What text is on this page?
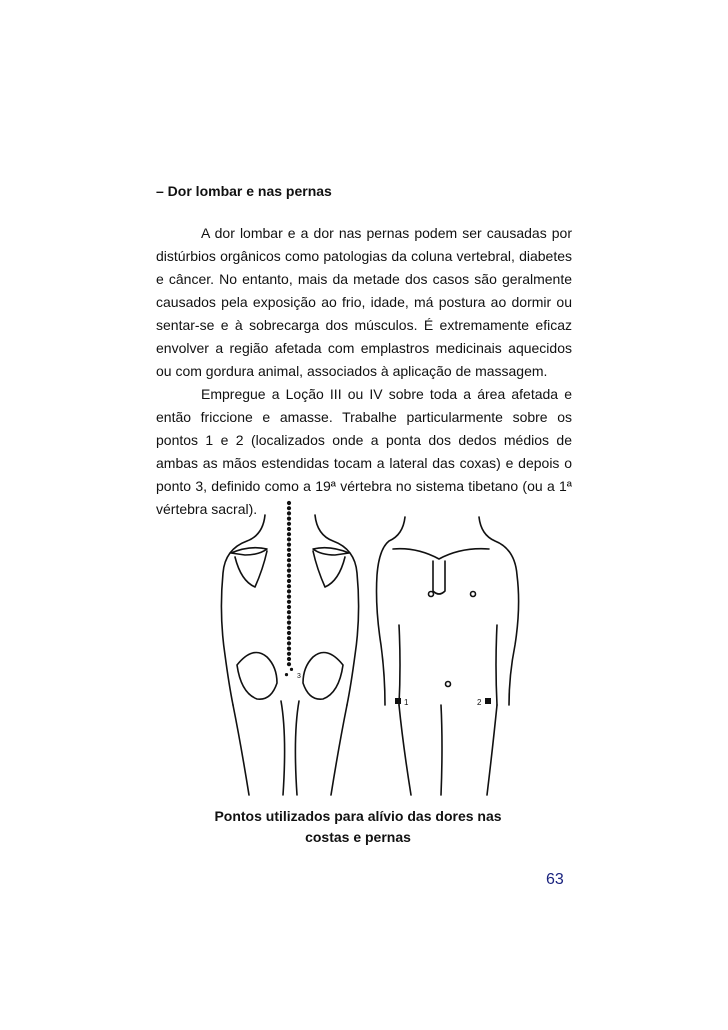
– Dor lombar e nas pernas

A dor lombar e a dor nas pernas podem ser causadas por distúrbios orgânicos como patologias da coluna vertebral, diabetes e câncer. No entanto, mais da metade dos casos são geralmente causados pela exposição ao frio, idade, má postura ao dormir ou sentar-se e à sobrecarga dos músculos. É extremamente eficaz envolver a região afetada com emplastros medicinais aquecidos ou com gordura animal, associados à aplicação de massagem.

Empregue a Loção III ou IV sobre toda a área afetada e então friccione e amasse. Trabalhe particularmente sobre os pontos 1 e 2 (localizados onde a ponta dos dedos médios de ambas as mãos estendidas tocam a lateral das coxas) e depois o ponto 3, definido como a 19ª vértebra no sistema tibetano (ou a 1ª vértebra sacral).

3
1	2
Pontos utilizados para alívio das dores nas
costas e pernas
63
